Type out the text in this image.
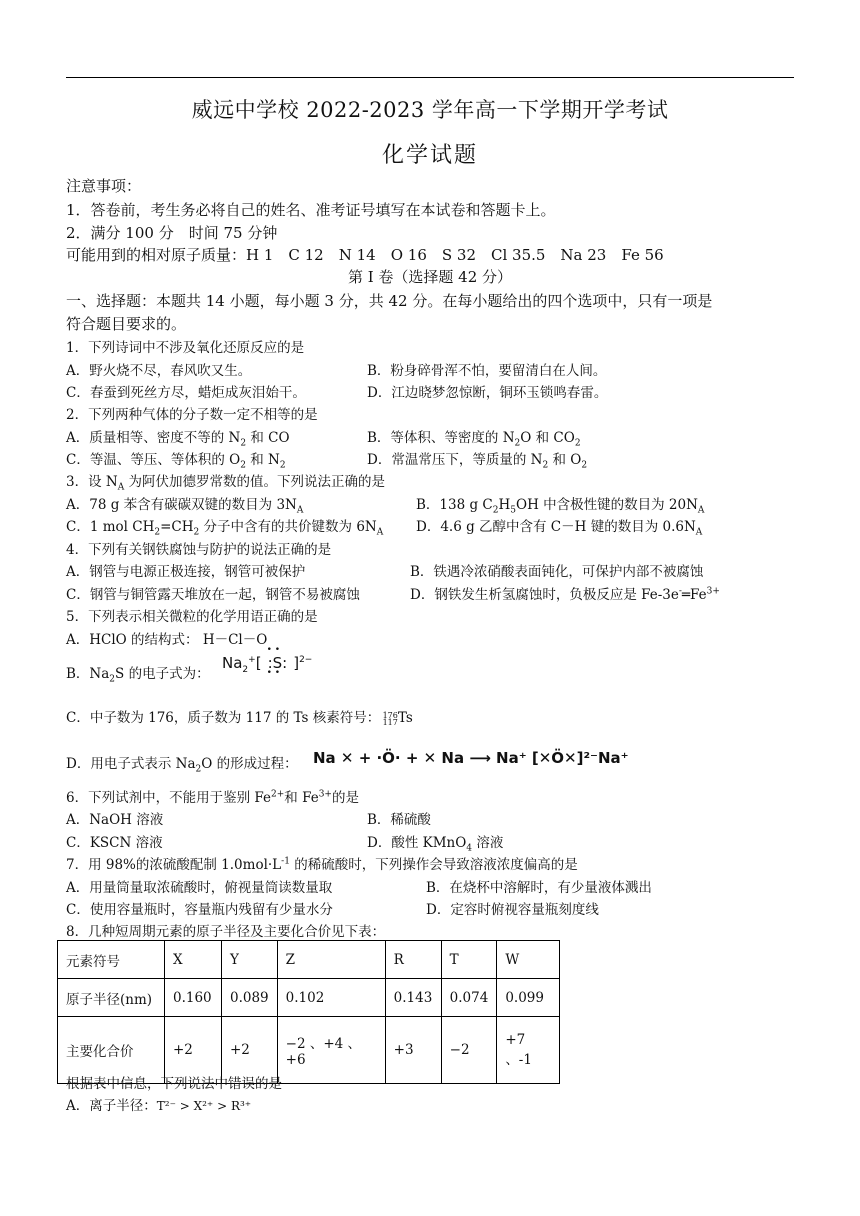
威远中学校 2022-2023 学年高一下学期开学考试
化学试题
注意事项：
1．答卷前，考生务必将自己的姓名、准考证号填写在本试卷和答题卡上。
2．满分 100 分　时间 75 分钟
可能用到的相对原子质量：H 1　C 12　N 14　O 16　S 32　Cl 35.5　Na 23　Fe 56
第 I 卷（选择题 42 分）
一、选择题：本题共 14 小题，每小题 3 分，共 42 分。在每小题给出的四个选项中，只有一项是
符合题目要求的。
1．下列诗词中不涉及氧化还原反应的是
A．野火烧不尽，春风吹又生。	B．粉身碎骨浑不怕，要留清白在人间。
C．春蚕到死丝方尽，蜡炬成灰泪始干。	D．江边晓梦忽惊断，铜环玉锁鸣春雷。
2．下列两种气体的分子数一定不相等的是
A．质量相等、密度不等的 $N_2$ 和 CO	B．等体积、等密度的 $N_2O$ 和 $CO_2$
C．等温、等压、等体积的 $O_2$ 和 $N_2$	D．常温常压下，等质量的 $N_2$ 和 $O_2$
3．设 $N_A$ 为阿伏加德罗常数的值。下列说法正确的是
A．78 g 苯含有碳碳双键的数目为 $3N_A$	B．138 g $C_2H_5OH$ 中含极性键的数目为 $20N_A$
C．1 mol $CH_2=CH_2$ 分子中含有的共价键数为 $6N_A$ D．4.6 g 乙醇中含有 C－H 键的数目为 $0.6N_A$
4．下列有关钢铁腐蚀与防护的说法正确的是
A．钢管与电源正极连接，钢管可被保护	B．铁遇冷浓硝酸表面钝化，可保护内部不被腐蚀
C．钢管与铜管露天堆放在一起，钢管不易被腐蚀	D．钢铁发生析氢腐蚀时，负极反应是 $Fe-3e^-═Fe^{3+}$
5．下列表示相关微粒的化学用语正确的是
A．HClO 的结构式： H－Cl－O
B．$Na_2S$ 的电子式为：
$Na_2^+$[
• •
:S:
• •
]$^{2-}$
C．中子数为 176，质子数为 117 的 Ts 核素符号： 176
117Ts
D．用电子式表示 $Na_2O$ 的形成过程： Na ✕ + ·Ö· + ✕ Na ⟶ Na⁺ [✕Ö✕]²⁻Na⁺
6．下列试剂中，不能用于鉴别 $Fe^{2+}$和 $Fe^{3+}$的是
A．NaOH 溶液	B．稀硫酸
C．KSCN 溶液	D．酸性 KMnO$_4$ 溶液
7．用 98%的浓硫酸配制 $1.0mol\cdot L^{-1}$ 的稀硫酸时，下列操作会导致溶液浓度偏高的是
A．用量筒量取浓硫酸时，俯视量筒读数量取	B．在烧杯中溶解时，有少量液体溅出
C．使用容量瓶时，容量瓶内残留有少量水分	D．定容时俯视容量瓶刻度线
8．几种短周期元素的原子半径及主要化合价见下表：
元素符号	X	Y	Z	R	T	W
原子半径(nm)	0.160	0.089	0.102	0.143	0.074	0.099
主要化合价	+2	+2	−2 、+4 、+6	+3	−2	+7 、-1
根据表中信息，下列说法中错误的是
A．离子半径：T²⁻ > X²⁺ > R³⁺
